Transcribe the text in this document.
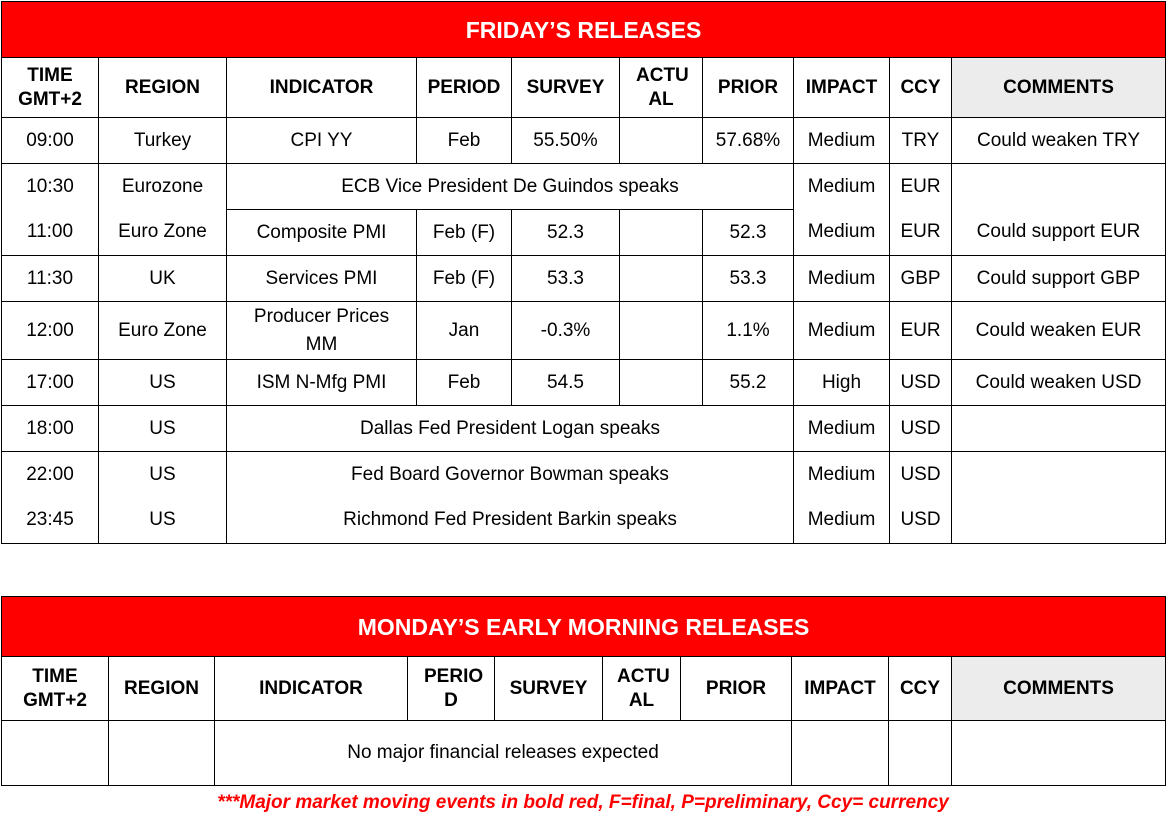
FRIDAY’S RELEASES									
TIME GMT+2	REGION	INDICATOR	PERIOD	SURVEY	ACTU AL	PRIOR	IMPACT	CCY	COMMENTS
09:00	Turkey	CPI YY	Feb	55.50%		57.68%	Medium	TRY	Could weaken TRY
10:30	Eurozone	ECB Vice President De Guindos speaks					Medium	EUR	
11:00	Euro Zone	Composite PMI	Feb (F)	52.3		52.3	Medium	EUR	Could support EUR
11:30	UK	Services PMI	Feb (F)	53.3		53.3	Medium	GBP	Could support GBP
12:00	Euro Zone	Producer Prices MM	Jan	-0.3%		1.1%	Medium	EUR	Could weaken EUR
17:00	US	ISM N-Mfg PMI	Feb	54.5		55.2	High	USD	Could weaken USD
18:00	US	Dallas Fed President Logan speaks					Medium	USD	
22:00	US	Fed Board Governor Bowman speaks					Medium	USD	
23:45	US	Richmond Fed President Barkin speaks					Medium	USD	
MONDAY’S EARLY MORNING RELEASES									
TIME GMT+2	REGION	INDICATOR	PERIO D	SURVEY	ACTU AL	PRIOR	IMPACT	CCY	COMMENTS
		No major financial releases expected							
***Major market moving events in bold red, F=final, P=preliminary, Ccy= currency
